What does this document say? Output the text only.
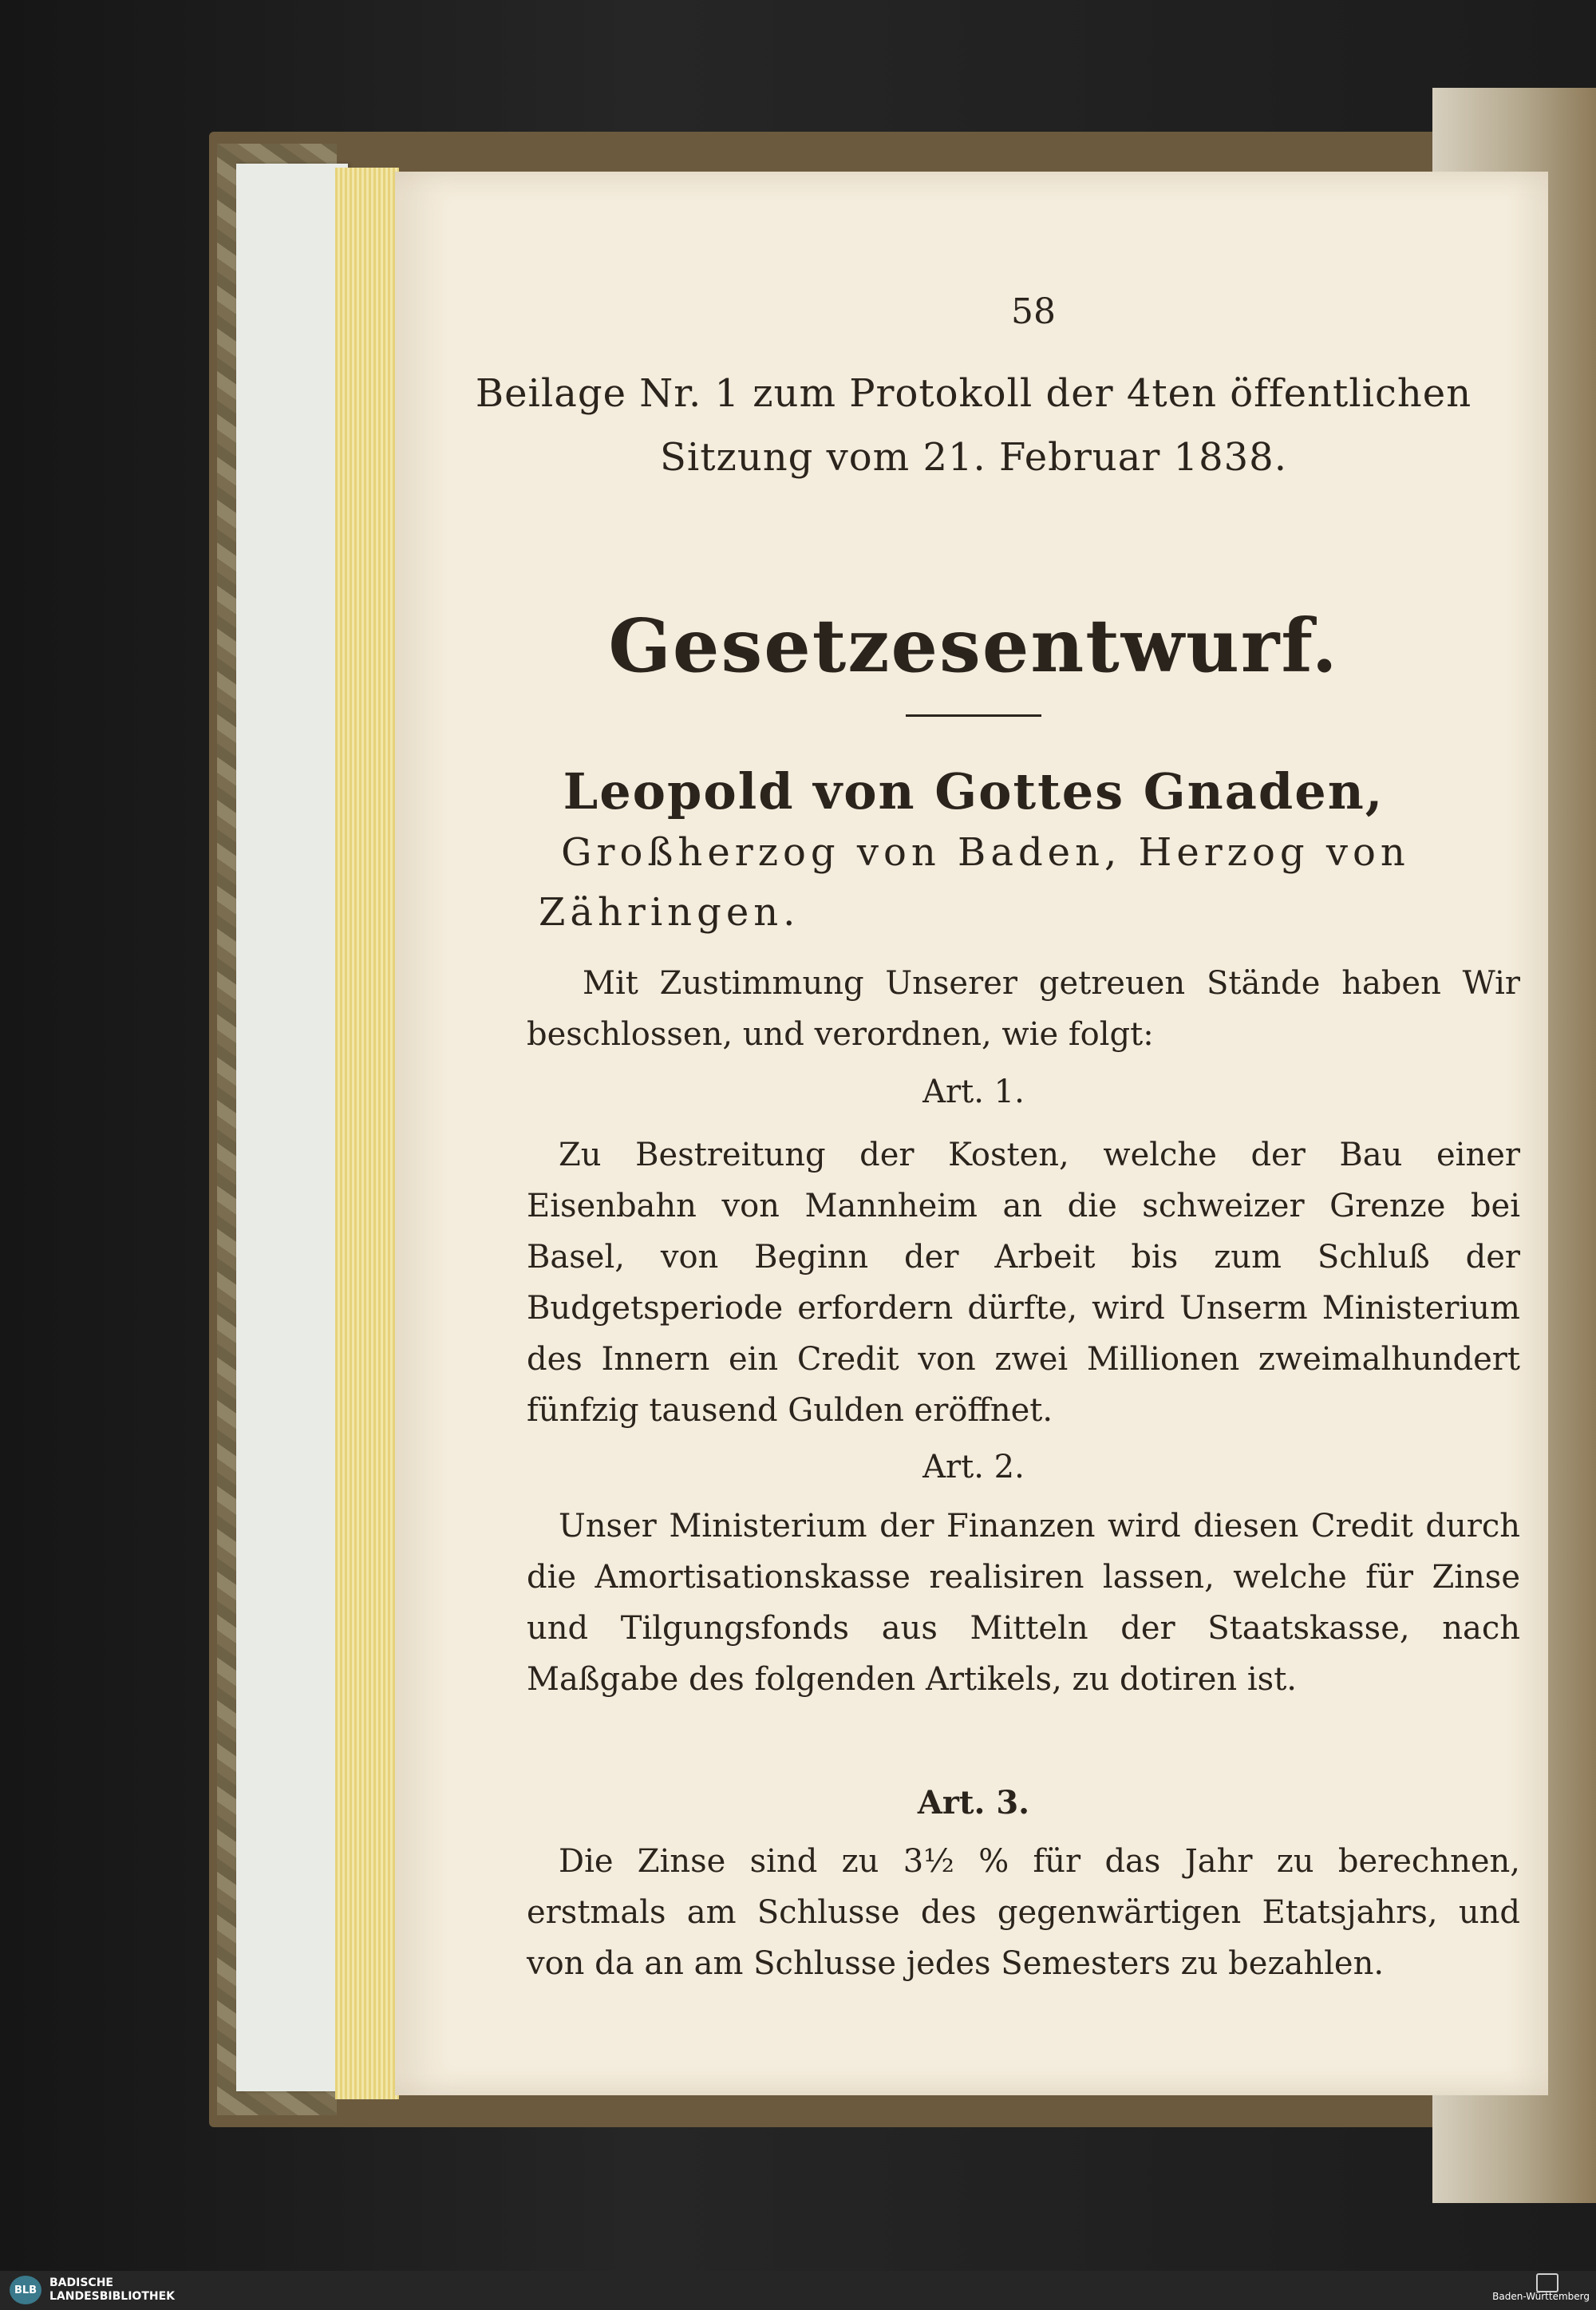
58
Beilage Nr. 1 zum Protokoll der 4ten öffentlichen
Sitzung vom 21. Februar 1838.
Gesetzesentwurf.
Leopold von Gottes Gnaden,
Großherzog von Baden, Herzog von
Zähringen.
Mit Zustimmung Unserer getreuen Stände haben Wir beschlossen, und verordnen, wie folgt:
Art. 1.
Zu Bestreitung der Kosten, welche der Bau einer Eisenbahn von Mannheim an die schweizer Grenze bei Basel, von Beginn der Arbeit bis zum Schluß der Budgetsperiode erfordern dürfte, wird Unserm Ministerium des Innern ein Credit von zwei Millionen zweimalhundert fünfzig tausend Gulden eröffnet.
Art. 2.
Unser Ministerium der Finanzen wird diesen Credit durch die Amortisationskasse realisiren lassen, welche für Zinse und Tilgungsfonds aus Mitteln der Staatskasse, nach Maßgabe des folgenden Artikels, zu dotiren ist.
Art. 3.
Die Zinse sind zu 3½ % für das Jahr zu berechnen, erstmals am Schlusse des gegenwärtigen Etatsjahrs, und von da an am Schlusse jedes Semesters zu bezahlen.
BLB
BADISCHE
LANDESBIBLIOTHEK	Baden-Württemberg
